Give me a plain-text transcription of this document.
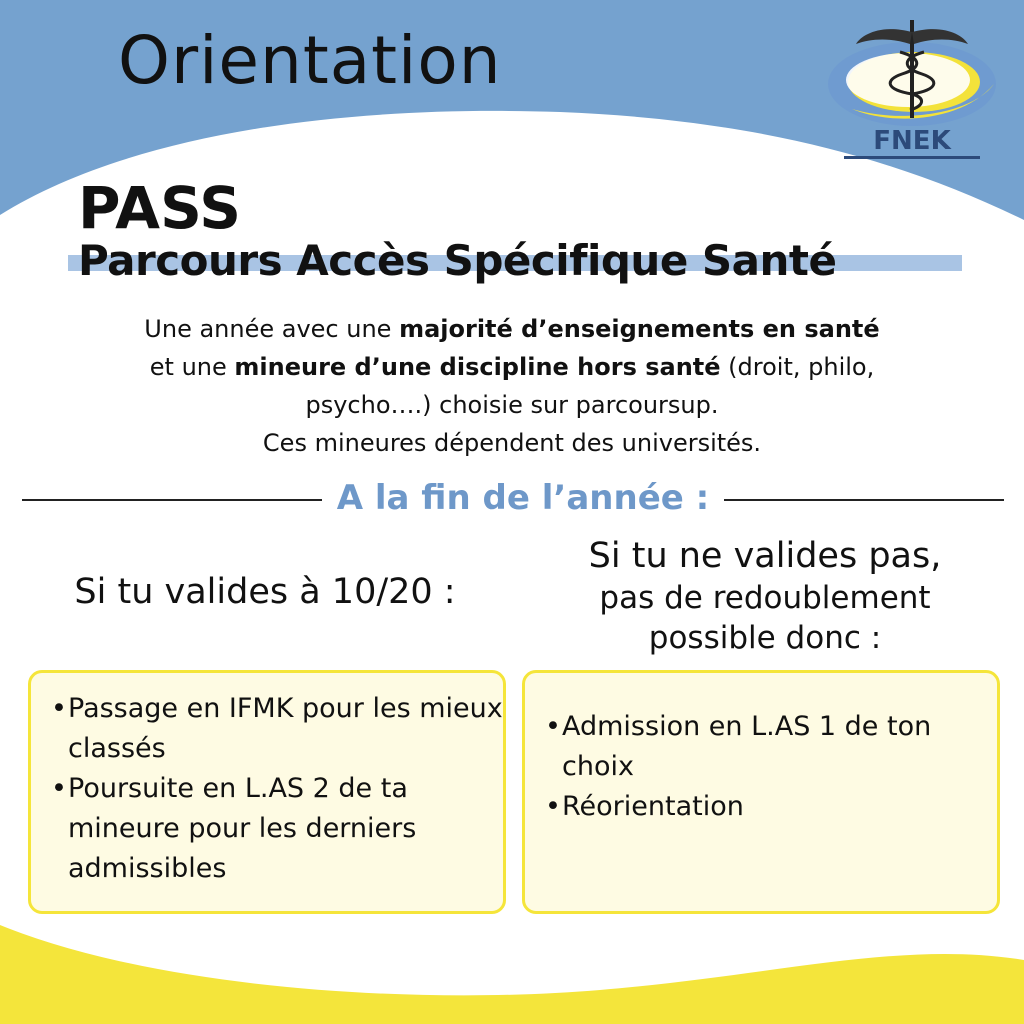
Orientation
FNEK
PASS
Parcours Accès Spécifique Santé
Une année avec une majorité d’enseignements en santé
et une mineure d’une discipline hors santé (droit, philo,
psycho….) choisie sur parcoursup.
Ces mineures dépendent des universités.
A la fin de l’année :
Si tu valides à 10/20 :
Si tu ne valides pas,
pas de redoublement
possible donc :
• Passage en IFMK pour les mieux classés
• Poursuite en L.AS 2 de ta mineure pour les derniers admissibles
• Admission en L.AS 1 de ton choix
• Réorientation
